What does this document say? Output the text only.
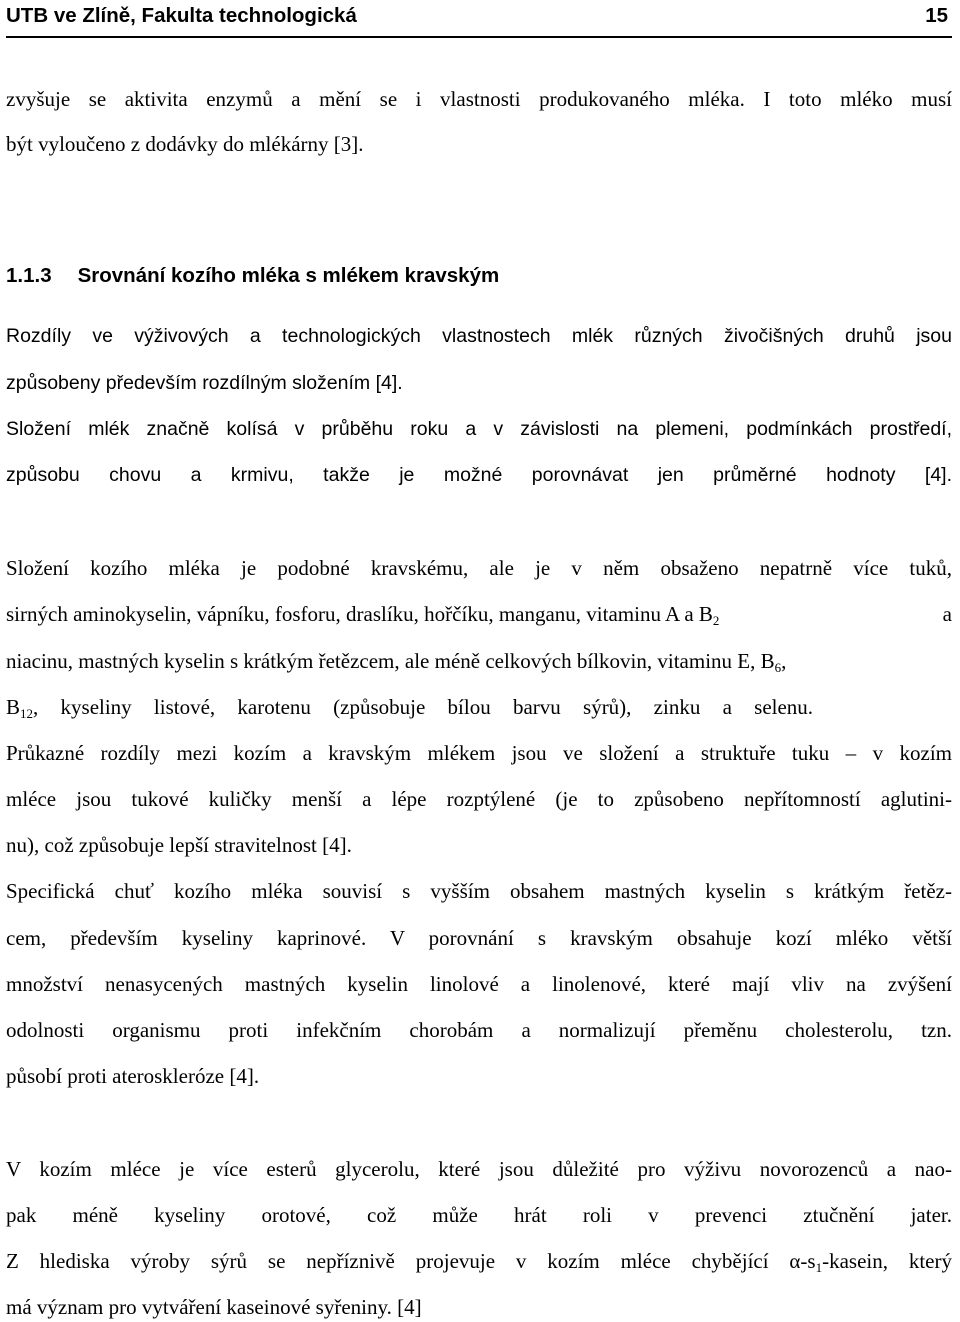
UTB ve Zlíně, Fakulta technologická	15
zvyšuje se aktivita enzymů a mění se i vlastnosti produkovaného mléka. I toto mléko musí
být vyloučeno z dodávky do mlékárny [3].
1.1.3 Srovnání kozího mléka s mlékem kravským
Rozdíly ve výživových a technologických vlastnostech mlék různých živočišných druhů jsou
způsobeny především rozdílným složením [4].
Složení mlék značně kolísá v průběhu roku a v závislosti na plemeni, podmínkách prostředí,
způsobu chovu a krmivu, takže je možné porovnávat jen průměrné hodnoty [4].
Složení kozího mléka je podobné kravskému, ale je v něm obsaženo nepatrně více tuků,
sirných aminokyselin, vápníku, fosforu, draslíku, hořčíku, manganu, vitaminu A a $B_2$	a
niacinu, mastných kyselin s krátkým řetězcem, ale méně celkových bílkovin, vitaminu E, $B_6$,
$B_{12}$, kyseliny listové, karotenu (způsobuje bílou barvu sýrů), zinku a selenu.
Průkazné rozdíly mezi kozím a kravským mlékem jsou ve složení a struktuře tuku – v kozím
mléce jsou tukové kuličky menší a lépe rozptýlené (je to způsobeno nepřítomností aglutini-
nu), což způsobuje lepší stravitelnost [4].
Specifická chuť kozího mléka souvisí s vyšším obsahem mastných kyselin s krátkým řetěz-
cem, především kyseliny kaprinové. V porovnání s kravským obsahuje kozí mléko větší
množství nenasycených mastných kyselin linolové a linolenové, které mají vliv na zvýšení
odolnosti organismu proti infekčním chorobám a normalizují přeměnu cholesterolu, tzn.
působí proti ateroskleróze [4].
V kozím mléce je více esterů glycerolu, které jsou důležité pro výživu novorozenců a nao-
pak méně kyseliny orotové, což může hrát roli v prevenci ztučnění jater.
Z hlediska výroby sýrů se nepříznivě projevuje v kozím mléce chybějící $\alpha-s_1$-kasein, který
má význam pro vytváření kaseinové syřeniny. [4]
